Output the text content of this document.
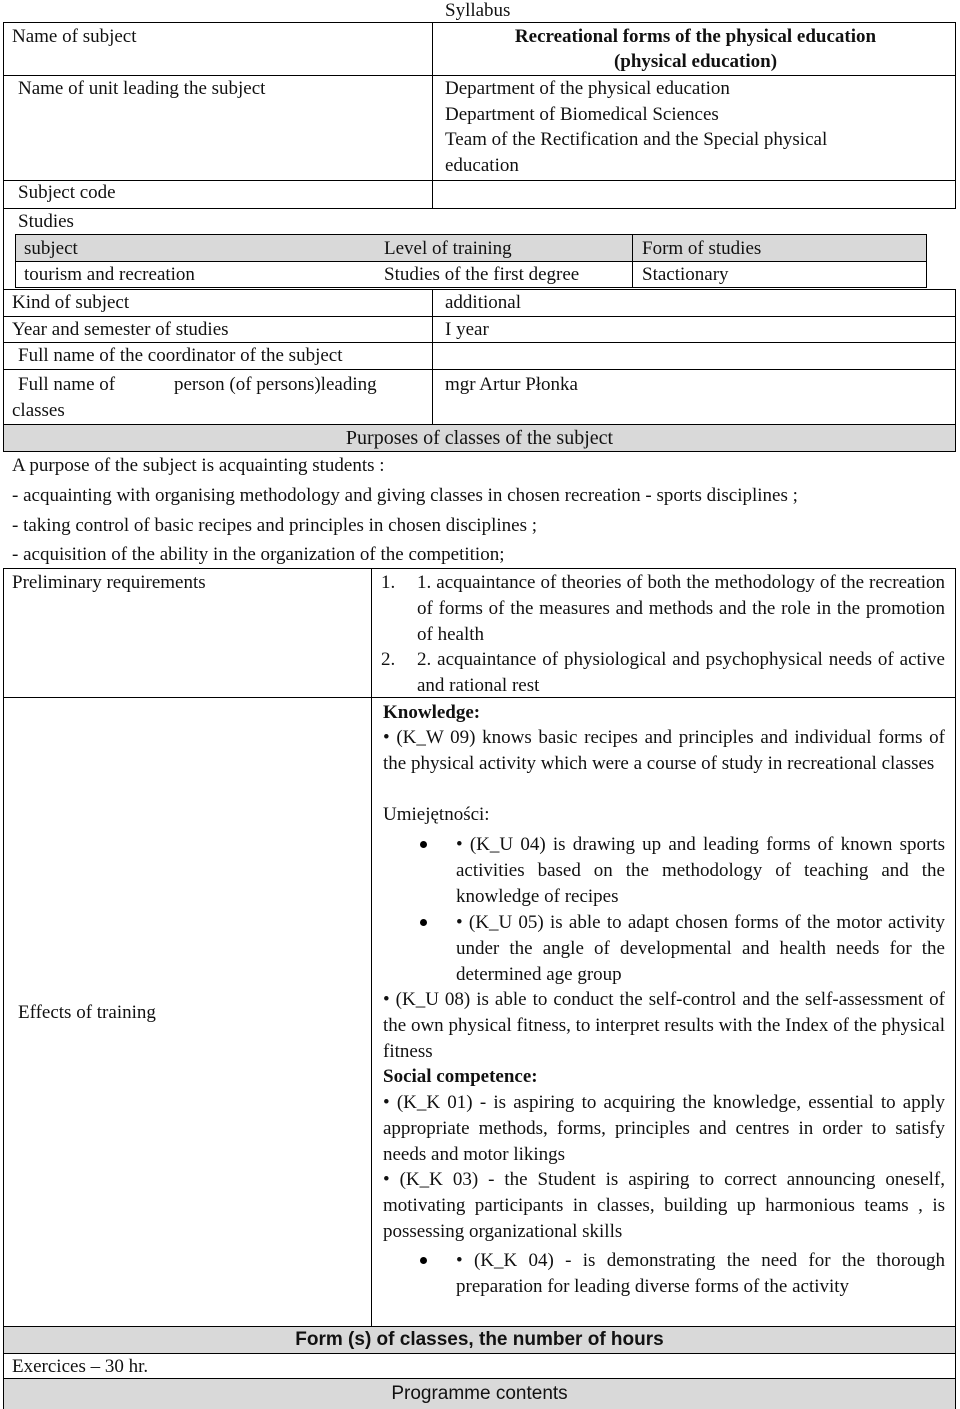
Syllabus
Name of subject	Recreational forms of the physical education
(physical education)
Name of unit leading the subject	Department of the physical education
Department of Biomedical Sciences
Team of the Rectification and the Special physical
education
Subject code
Studies
subject	Level of training	Form of studies
tourism and recreation	Studies of the first degree	Stactionary
Kind of subject	additional
Year and semester of studies	I year
Full name of the coordinator of the subject
Full name of	person (of persons)leading
classes
mgr Artur Płonka
Purposes of classes of the subject
A purpose of the subject is acquainting students :
- acquainting with organising methodology and giving classes in chosen recreation - sports disciplines ;
- taking control of basic recipes and principles in chosen disciplines ;
- acquisition of the ability in the organization of the competition;
Preliminary requirements	1. 1. acquaintance of theories of both the methodology of the recreation of forms of the measures and methods and the role in the promotion of health
2. 2. acquaintance of physiological and psychophysical needs of active and rational rest
Effects of training
Knowledge:
• (K_W 09) knows basic recipes and principles and individual forms of the physical activity which were a course of study in recreational classes
Umiejętności:
• (K_U 04) is drawing up and leading forms of known sports activities based on the methodology of teaching and the knowledge of recipes
• (K_U 05) is able to adapt chosen forms of the motor activity under the angle of developmental and health needs for the determined age group
• (K_U 08) is able to conduct the self-control and the self-assessment of the own physical fitness, to interpret results with the Index of the physical fitness
Social competence:
• (K_K 01) - is aspiring to acquiring the knowledge, essential to apply appropriate methods, forms, principles and centres in order to satisfy needs and motor likings
• (K_K 03) - the Student is aspiring to correct announcing oneself, motivating participants in classes, building up harmonious teams , is possessing organizational skills
• (K_K 04) - is demonstrating the need for the thorough preparation for leading diverse forms of the activity
Form (s) of classes, the number of hours
Exercices – 30 hr.
Programme contents
